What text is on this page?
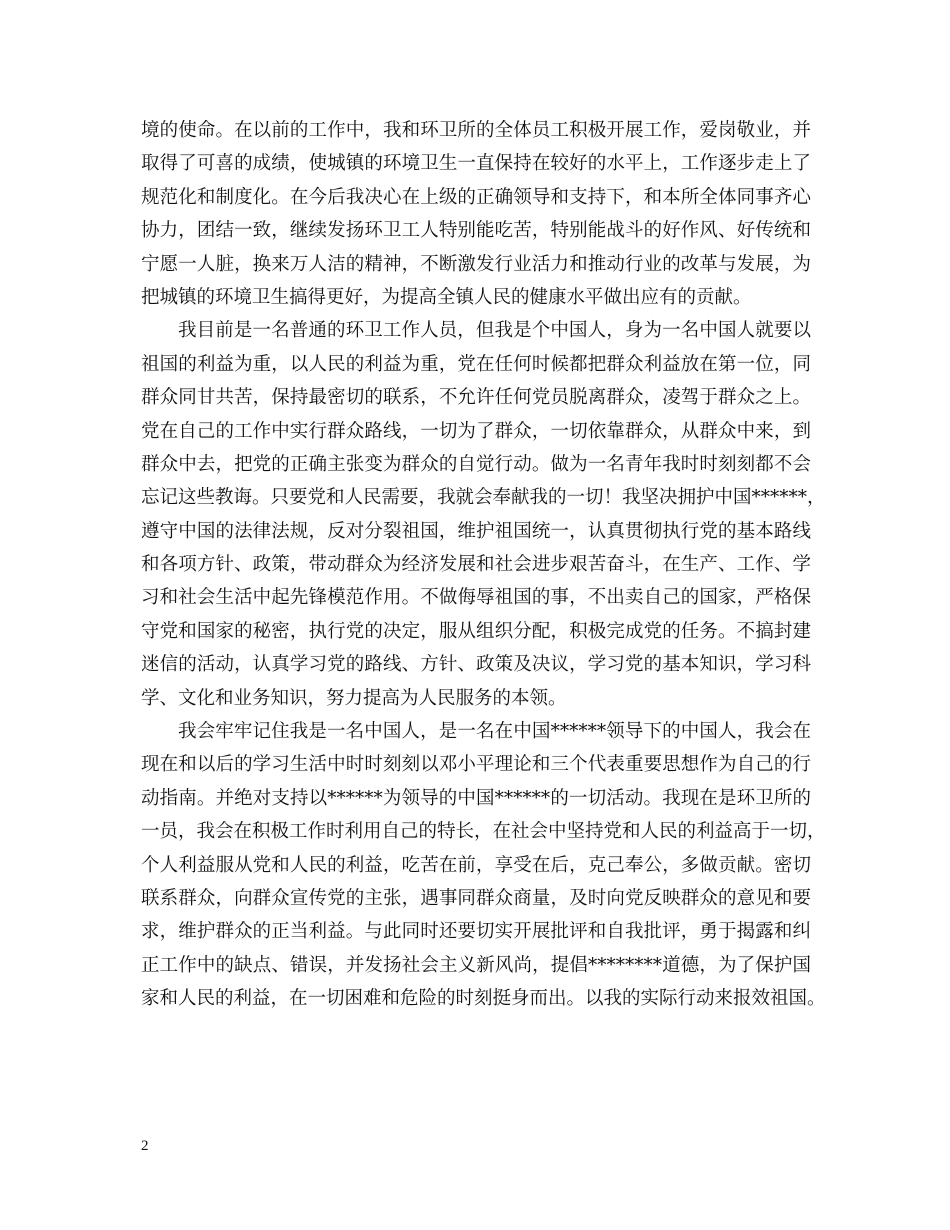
境的使命。在以前的工作中，我和环卫所的全体员工积极开展工作，爱岗敬业，并
取得了可喜的成绩，使城镇的环境卫生一直保持在较好的水平上，工作逐步走上了
规范化和制度化。在今后我决心在上级的正确领导和支持下，和本所全体同事齐心
协力，团结一致，继续发扬环卫工人特别能吃苦，特别能战斗的好作风、好传统和
宁愿一人脏，换来万人洁的精神，不断激发行业活力和推动行业的改革与发展，为
把城镇的环境卫生搞得更好，为提高全镇人民的健康水平做出应有的贡献。
我目前是一名普通的环卫工作人员，但我是个中国人，身为一名中国人就要以
祖国的利益为重，以人民的利益为重，党在任何时候都把群众利益放在第一位，同
群众同甘共苦，保持最密切的联系，不允许任何党员脱离群众，凌驾于群众之上。
党在自己的工作中实行群众路线，一切为了群众，一切依靠群众，从群众中来，到
群众中去，把党的正确主张变为群众的自觉行动。做为一名青年我时时刻刻都不会
忘记这些教诲。只要党和人民需要，我就会奉献我的一切！我坚决拥护中国******，
遵守中国的法律法规，反对分裂祖国，维护祖国统一，认真贯彻执行党的基本路线
和各项方针、政策，带动群众为经济发展和社会进步艰苦奋斗，在生产、工作、学
习和社会生活中起先锋模范作用。不做侮辱祖国的事，不出卖自己的国家，严格保
守党和国家的秘密，执行党的决定，服从组织分配，积极完成党的任务。不搞封建
迷信的活动，认真学习党的路线、方针、政策及决议，学习党的基本知识，学习科
学、文化和业务知识，努力提高为人民服务的本领。
我会牢牢记住我是一名中国人，是一名在中国******领导下的中国人，我会在
现在和以后的学习生活中时时刻刻以邓小平理论和三个代表重要思想作为自己的行
动指南。并绝对支持以******为领导的中国******的一切活动。我现在是环卫所的
一员，我会在积极工作时利用自己的特长，在社会中坚持党和人民的利益高于一切，
个人利益服从党和人民的利益，吃苦在前，享受在后，克己奉公，多做贡献。密切
联系群众，向群众宣传党的主张，遇事同群众商量，及时向党反映群众的意见和要
求，维护群众的正当利益。与此同时还要切实开展批评和自我批评，勇于揭露和纠
正工作中的缺点、错误，并发扬社会主义新风尚，提倡********道德，为了保护国
家和人民的利益，在一切困难和危险的时刻挺身而出。以我的实际行动来报效祖国。
2
